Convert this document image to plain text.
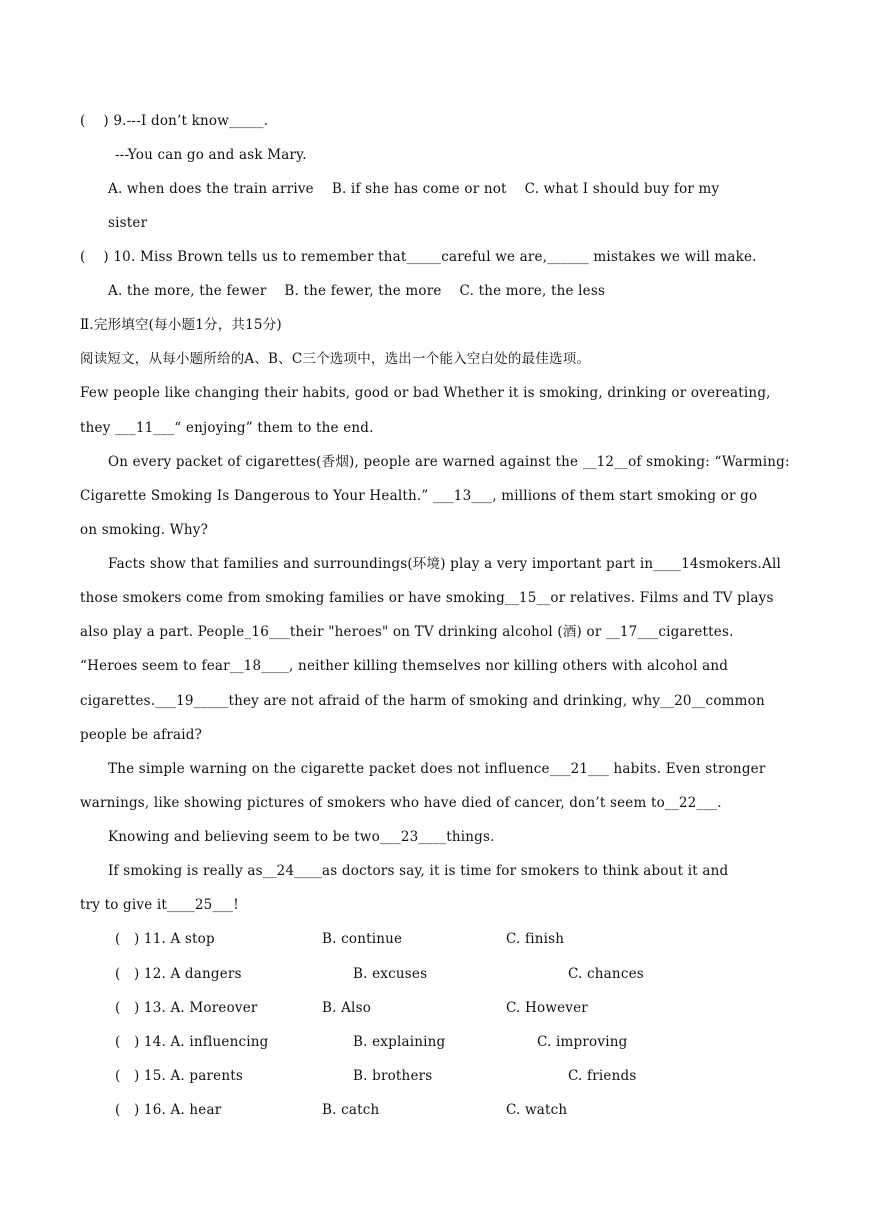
(    ) 9.---I don’t know_____.
---You can go and ask Mary.
A. when does the train arrive    B. if she has come or not    C. what I should buy for my
sister
(    ) 10. Miss Brown tells us to remember that_____careful we are,______ mistakes we will make.
A. the more, the fewer    B. the fewer, the more    C. the more, the less
Ⅱ.完形填空(每小题1分，共15分)
阅读短文，从每小题所给的A、B、C三个选项中，选出一个能入空白处的最佳选项。
Few people like changing their habits, good or bad Whether it is smoking, drinking or overeating,
they ___11___“ enjoying” them to the end.
On every packet of cigarettes(香烟), people are warned against the __12__of smoking: “Warming:
Cigarette Smoking Is Dangerous to Your Health.” ___13___, millions of them start smoking or go
on smoking. Why?
Facts show that families and surroundings(环境) play a very important part in____14smokers.All
those smokers come from smoking families or have smoking__15__or relatives. Films and TV plays
also play a part. People_16___their "heroes" on TV drinking alcohol (酒) or __17___cigarettes.
“Heroes seem to fear__18____, neither killing themselves nor killing others with alcohol and
cigarettes.___19_____they are not afraid of the harm of smoking and drinking, why__20__common
people be afraid?
The simple warning on the cigarette packet does not influence___21___ habits. Even stronger
warnings, like showing pictures of smokers who have died of cancer, don’t seem to__22___.
Knowing and believing seem to be two___23____things.
If smoking is really as__24____as doctors say, it is time for smokers to think about it and
try to give it____25___!
(   ) 11. A stop	B. continue	C. finish
(   ) 12. A dangers	B. excuses	C. chances
(   ) 13. A. Moreover	B. Also	C. However
(   ) 14. A. influencing	B. explaining	C. improving
(   ) 15. A. parents	B. brothers	C. friends
(   ) 16. A. hear	B. catch	C. watch
